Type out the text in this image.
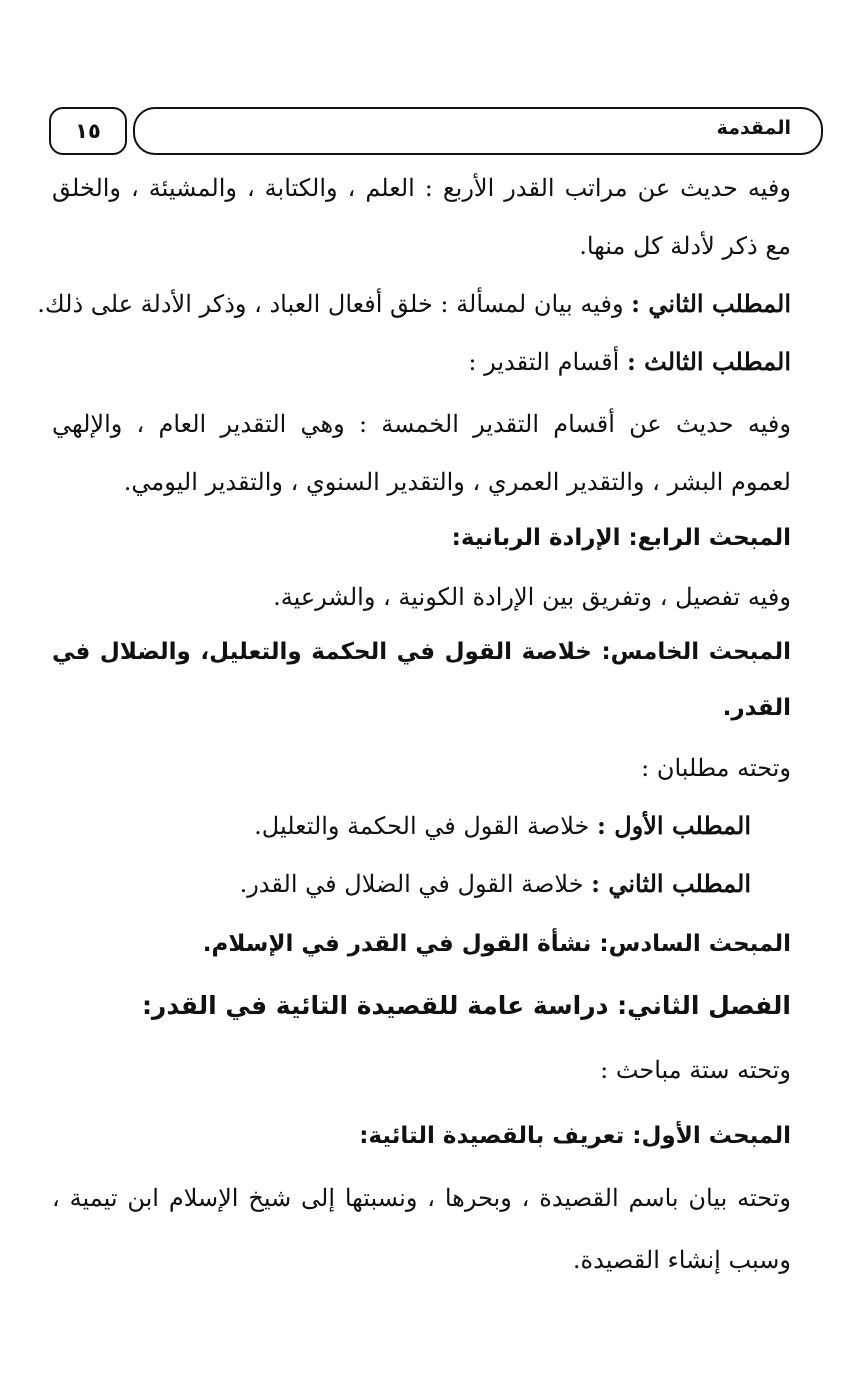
١٥	المقدمة
وفيه حديث عن مراتب القدر الأربع : العلم ، والكتابة ، والمشيئة ، والخلق
مع ذكر لأدلة كل منها.
المطلب الثاني : وفيه بيان لمسألة : خلق أفعال العباد ، وذكر الأدلة على ذلك.
المطلب الثالث : أقسام التقدير :
وفيه حديث عن أقسام التقدير الخمسة : وهي التقدير العام ، والإلهي
لعموم البشر ، والتقدير العمري ، والتقدير السنوي ، والتقدير اليومي.
المبحث الرابع: الإرادة الربانية:
وفيه تفصيل ، وتفريق بين الإرادة الكونية ، والشرعية.
المبحث الخامس: خلاصة القول في الحكمة والتعليل، والضلال في
القدر.
وتحته مطلبان :
المطلب الأول : خلاصة القول في الحكمة والتعليل.
المطلب الثاني : خلاصة القول في الضلال في القدر.
المبحث السادس: نشأة القول في القدر في الإسلام.
الفصل الثاني: دراسة عامة للقصيدة التائية في القدر:
وتحته ستة مباحث :
المبحث الأول: تعريف بالقصيدة التائية:
وتحته بيان باسم القصيدة ، وبحرها ، ونسبتها إلى شيخ الإسلام ابن تيمية ،
وسبب إنشاء القصيدة.
